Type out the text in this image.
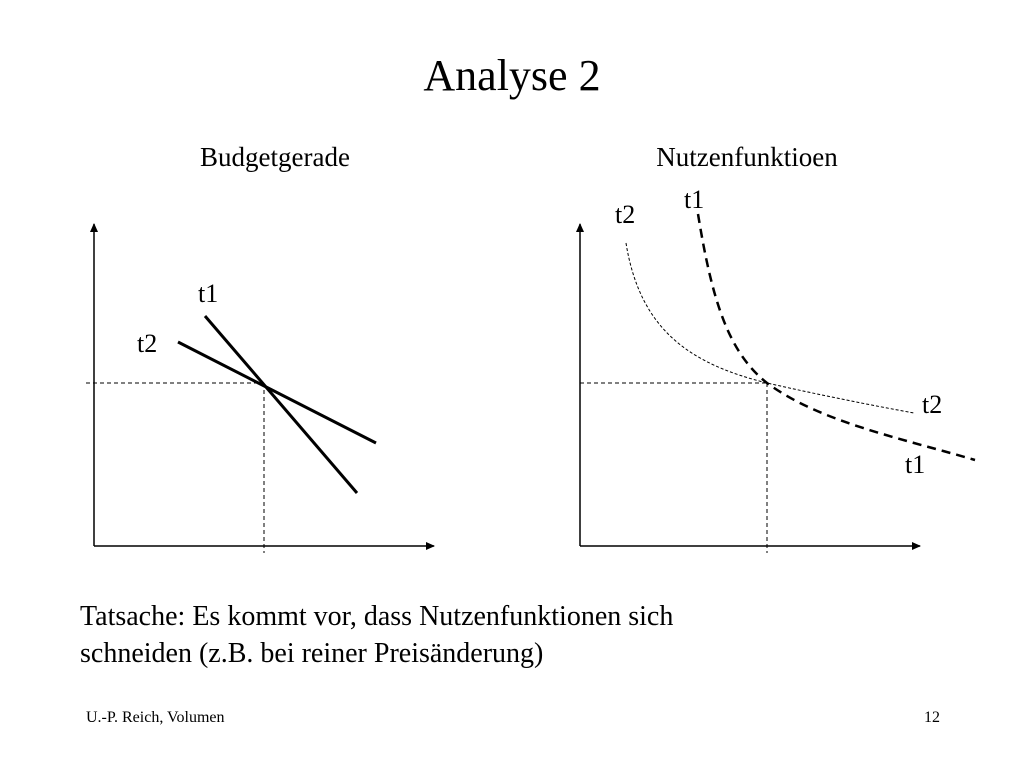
Analyse 2
Budgetgerade	Nutzenfunktioen
t1
t2
t1
t2
t2
t1
Tatsache: Es kommt vor, dass Nutzenfunktionen sich
schneiden (z.B. bei reiner Preisänderung)
U.-P. Reich, Volumen	12
